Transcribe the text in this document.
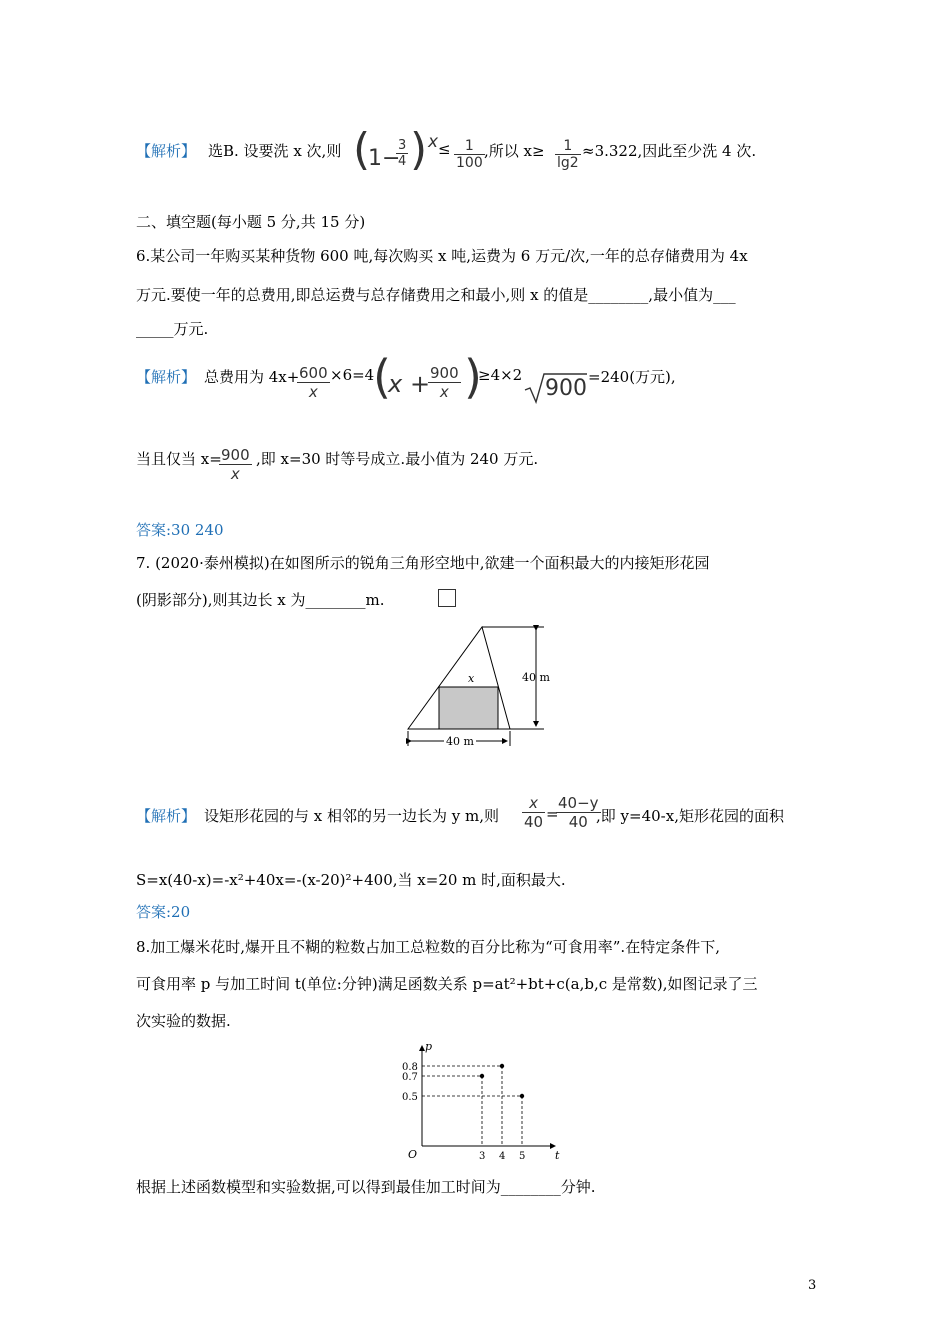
【解析】 选B. 设要洗 x 次,则 (
1 −
3
4 ) x ≤ 1
100
,所以 x≥ 1
lg2
≈3.322,因此至少洗 4 次.
二、填空题(每小题 5 分,共 15 分)
6.某公司一年购买某种货物 600 吨,每次购买 x 吨,运费为 6 万元/次,一年的总存储费用为 4x
万元.要使一年的总费用,即总运费与总存储费用之和最小,则 x 的值是________,最小值为___
_____万元.
【解析】 总费用为 4x+ 600
x
×6=4
(
x + 900
x )
≥4×2
900 =240(万元),
当且仅当 x= 900
x
,即 x=30 时等号成立.最小值为 240 万元.
答案:30 240
7. (2020·泰州模拟)在如图所示的锐角三角形空地中,欲建一个面积最大的内接矩形花园
(阴影部分),则其边长 x 为________m.
x	40 m
40 m
【解析】 设矩形花园的与 x 相邻的另一边长为 y m,则
x
40 =
40−y
40 ,即 y=40-x,矩形花园的面积
S=x(40-x)=-x²+40x=-(x-20)²+400,当 x=20 m 时,面积最大.
答案:20
8.加工爆米花时,爆开且不糊的粒数占加工总粒数的百分比称为“可食用率”.在特定条件下,
可食用率 p 与加工时间 t(单位:分钟)满足函数关系 p=at²+bt+c(a,b,c 是常数),如图记录了三
次实验的数据.
t
p
O	3 4 5
0.8
0.7
0.5
根据上述函数模型和实验数据,可以得到最佳加工时间为________分钟.
3
